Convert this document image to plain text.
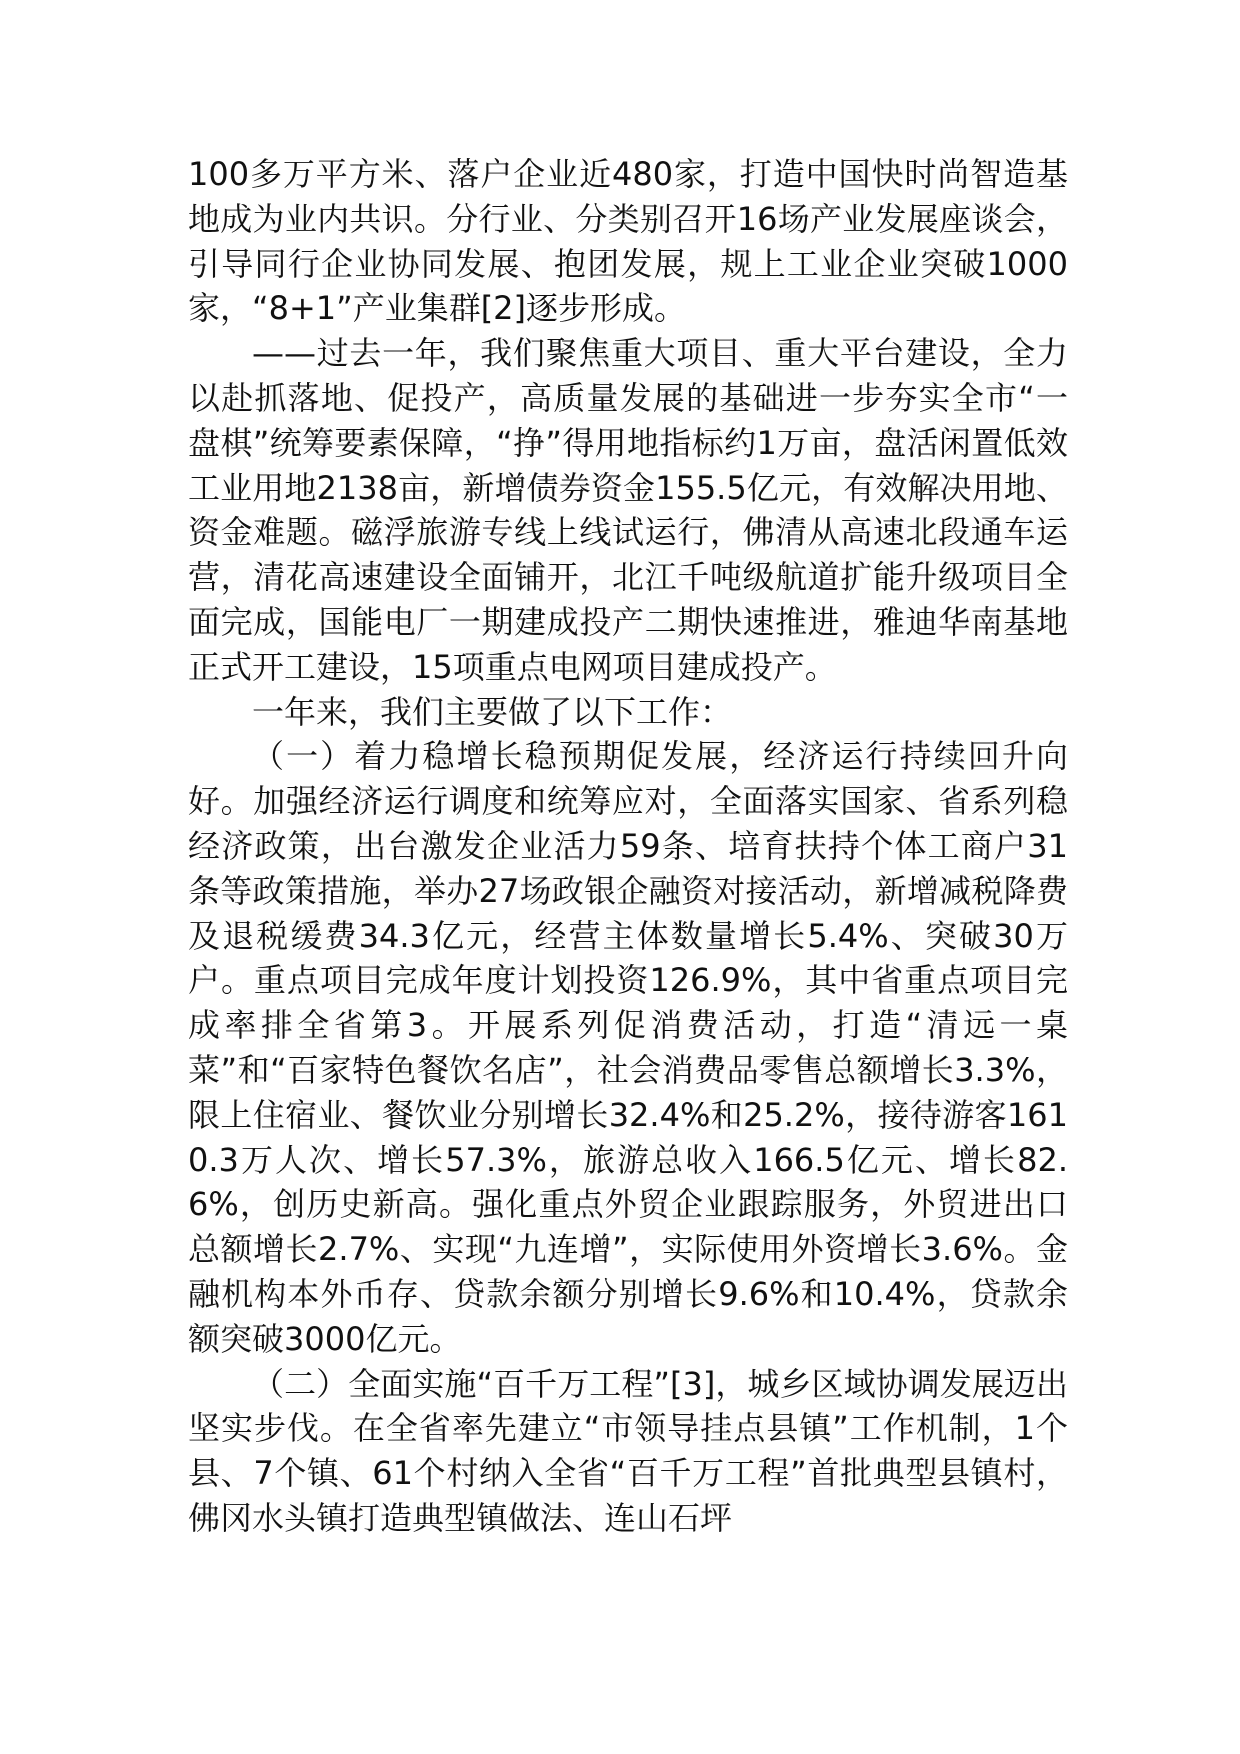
100多万平方米、落户企业近480家，打造中国快时尚智造基地成为业内共识。分行业、分类别召开16场产业发展座谈会，引导同行企业协同发展、抱团发展，规上工业企业突破1000家，“8+1”产业集群[2]逐步形成。

——过去一年，我们聚焦重大项目、重大平台建设，全力以赴抓落地、促投产，高质量发展的基础进一步夯实全市“一盘棋”统筹要素保障，“挣”得用地指标约1万亩，盘活闲置低效工业用地2138亩，新增债券资金155.5亿元，有效解决用地、资金难题。磁浮旅游专线上线试运行，佛清从高速北段通车运营，清花高速建设全面铺开，北江千吨级航道扩能升级项目全面完成，国能电厂一期建成投产二期快速推进，雅迪华南基地正式开工建设，15项重点电网项目建成投产。

一年来，我们主要做了以下工作：

（一）着力稳增长稳预期促发展，经济运行持续回升向好。加强经济运行调度和统筹应对，全面落实国家、省系列稳经济政策，出台激发企业活力59条、培育扶持个体工商户31条等政策措施，举办27场政银企融资对接活动，新增减税降费及退税缓费34.3亿元，经营主体数量增长5.4%、突破30万户。重点项目完成年度计划投资126.9%，其中省重点项目完成率排全省第3。开展系列促消费活动，打造“清远一桌菜”和“百家特色餐饮名店”，社会消费品零售总额增长3.3%，限上住宿业、餐饮业分别增长32.4%和25.2%，接待游客1610.3万人次、增长57.3%，旅游总收入166.5亿元、增长82.6%，创历史新高。强化重点外贸企业跟踪服务，外贸进出口总额增长2.7%、实现“九连增”，实际使用外资增长3.6%。金融机构本外币存、贷款余额分别增长9.6%和10.4%，贷款余额突破3000亿元。

（二）全面实施“百千万工程”[3]，城乡区域协调发展迈出坚实步伐。在全省率先建立“市领导挂点县镇”工作机制，1个县、7个镇、61个村纳入全省“百千万工程”首批典型县镇村，佛冈水头镇打造典型镇做法、连山石坪
